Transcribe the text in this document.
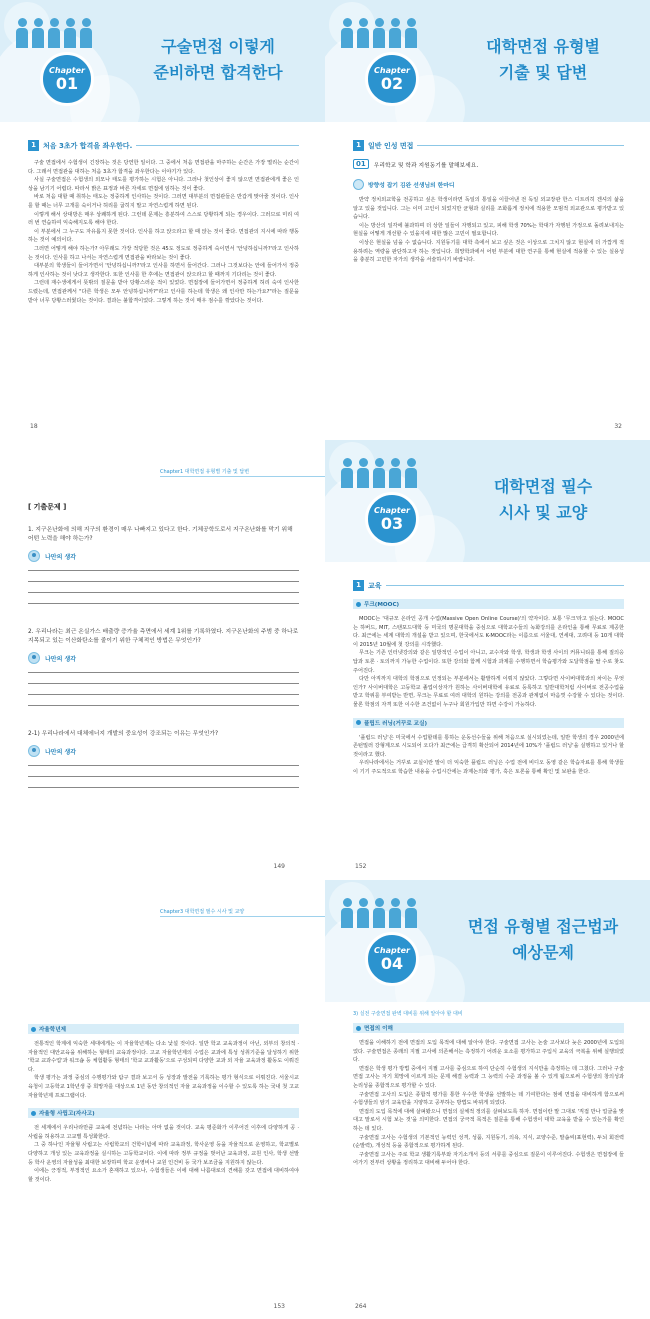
Chapter
01
구술면접 이렇게
준비하면 합격한다
1	처음 3초가 합격을 좌우한다.

구술 면접에서 수험생이 긴장하는 것은 당연한 일이다. 그 중에서 처음 면접관을 마주하는 순간은 가장 떨리는 순간이다. 그래서 면접관을 대하는 처음 3초가 합격을 좌우한다는 이야기가 있다.

사실 구술면접은 수험생의 외모나 태도를 평가하는 시험은 아니다. 그러나 첫인상이 좋지 않으면 면접관에게 좋은 인상을 남기기 어렵다. 따라서 밝은 표정과 바른 자세로 면접에 임하는 것이 좋다.

바로 처음 대할 때 취하는 태도는 정중하게 인사하는 것이다. 그러면 대부분의 면접관들은 반갑게 맞아줄 것이다. 인사를 할 때는 너무 고개를 숙이거나 허리를 굽히지 말고 자연스럽게 하면 된다.

이렇게 해서 상대방은 매우 상쾌하게 된다. 그런데 문제는 흥분하여 스스로 당황하게 되는 경우이다. 그러므로 미리 여러 번 연습하여 익숙해지도록 해야 한다.

이 부분에서 그 누구도 자유롭지 못한 것이다. 인사를 하고 앉으라고 할 때 앉는 것이 좋다. 면접관의 지시에 따라 행동하는 것이 예의이다.

그러면 어떻게 해야 하는가? 아무래도 가장 적당한 것은 45도 정도로 정중하게 숙이면서 '안녕하십니까?'라고 인사하는 것이다. 인사를 하고 나서는 자연스럽게 면접관을 바라보는 것이 좋다.

대부분의 학생들이 들어가면서 '안녕하십니까?'라고 인사를 하면서 들어간다. 그러나 그것보다는 안에 들어가서 정중하게 인사하는 것이 낫다고 생각한다. 또한 인사를 한 후에는 면접관이 앉으라고 할 때까지 기다리는 것이 좋다.

그런데 재수생에게서 뜻밖의 질문을 받아 당황스러운 적이 있었다. 면접장에 들어가면서 정중하게 허리 숙여 인사한 드렸는데, 면접관께서 "다른 학생은 모두 안녕하십니까?"라고 인사를 하는데 학생은 왜 인사만 하는가요?"라는 질문을 받아 너무 당황스러웠다는 것이다. 결과는 불합격이었다. 그렇게 하는 것이 매우 점수를 깎았다는 것이다.

18
Chapter
02
대학면접 유형별
기출 및 답변
1	일반 인성 면접
01	우리학교 및 학과 지원동기를 말해보세요.
방향성 잡기 김완 선생님의 한마디

반약 정치외교학을 전공하고 싶은 학생이라면 독일의 통일을 이끌어낸 전 독일 외교장관 한스 디트리히 겐셔의 삶을 알고 있을 것입니다. 그는 이미 고인이 되었지만 균형과 실리를 조화롭게 정치에 적용한 모범적 외교관으로 평가받고 있습니다.

이는 방산의 일각에 불과하며 더 상한 일들이 자행되고 있고, 피해 학생 70%는 학대가 자행된 가정으로 돌려보내지는 현실을 어떻게 개선할 수 있을지에 대한 많은 고민이 필요합니다.

이상은 현실을 넘을 수 없습니다. 지원동기를 대학 측에서 보고 싶은 것은 이상으로 그치지 않고 현실에 더 가깝게 적용하려는 역량을 판단하고자 하는 것입니다. 희망학과에서 어떤 부분에 대한 연구를 통해 현실에 적용할 수 있는 실용성을 충분히 고민한 자가의 생각을 서술하시기 바랍니다.

32
Chapter1 대학면접 유형별 기출 및 답변
[ 기출문제 ]
1. 지구온난화에 의해 지구의 환경이 매우 나빠지고 있다고 한다. 기체공학도로서 지구온난화를 막기 위해 어떤 노력을 해야 하는가?
나만의 생각
2. 우리나라는 최근 온실가스 배출량 증가율 측면에서 세계 1위를 기록하였다. 지구온난화의 주범 중 하나로 지목되고 있는 이산화탄소를 줄이기 위한 구체적인 방법은 무엇인가?
나만의 생각
2-1) 우리나라에서 대체에너지 개발의 중요성이 강조되는 이유는 무엇인가?
나만의 생각
149
Chapter
03
대학면접 필수
시사 및 교양
1	교육
무크(MOOC)

MOOC는 '대규모 온라인 공개 수업(Massive Open Online Course)'의 약자이다. 보통 '무크'라고 읽는다. MOOC는 하버드, MIT, 스탠포드대학 등 미국의 명문대학을 중심으로 대학교수들의 녹화강의를 온라인을 통해 무료로 제공한다. 최근에는 세계 대학의 개설을 받고 있으며, 한국에서도 K-MOOC라는 이름으로 서울대, 연세대, 고려대 등 10개 대학이 2015년 10월에 첫 강의를 시작했다.

무크는 기존 인터넷강의와 같은 일방적인 수업이 아니고, 교수자와 학생, 학생과 학생 사이의 커뮤니티를 통해 질의응답과 토론 · 토의까지 가능한 수업이다. 또한 강의와 함께 시험과 과제를 수행하면서 학습평가와 도달학점을 딸 수로 찾도 주어진다.

다만 아직까지 대학의 학점으로 인정되는 부분에서는 활발하게 이뤄지 않았다. 그렇다면 사이버대학과의 차이는 무엇인가? 사이버대학은 고등학교 졸업이상자가 원하는 사이버대학에 유료로 등록하고 일반대학처럼 사이버로 전공수업을 받고 학위를 부여받는 반면, 무크는 무료로 여러 대학의 원하는 강의를 전공과 관계없이 마음껏 수강할 수 있다는 것이다. 물론 학점의 자격 또한 이수한 조건없이 누구나 회원가입만 하면 수강이 가능하다.

플립드 러닝(거꾸로 교실)

'플립드 러닝'은 미국에서 수업할데를 통하는 운동선수들을 위해 처음으로 실시되었는데, 일반 학생의 경우 2000년에 존턴밀러 강형계으로 시도되어 오다가 최근에는 급격히 확산되어 2014년에 10%가 '플립드 러닝'을 실행하고 있거나 할 것이라고 했다.

우리나라에서는 거꾸로 교실이란 말이 더 익숙한 플립드 러닝은 수업 전에 비디오 동영 같은 학습자료를 통해 학생들이 기기 주도적으로 학습한 내용을 수업시간에는 과제논의와 평가, 혹은 토론을 통해 확인 및 보완을 한다.

152
Chapter3 대학면접 필수 시사 및 교양
자율학년제

전통적인 학계에 익숙한 세대에게는 이 자율학년제는 다소 낯설 것이다. 일반 학교 교육과정이 아닌, 외부의 창의적 · 자율적인 대안교육을 위해하는 형태의 교육과정이다. 고교 자율학년제의 수업은 교과에 특성 성취기준을 달성하기 위한 '학교 교과수업'과 워크숍 등 체험활동 형태의 '학교 교과활동'으로 구성되며 다양한 교과 외 자율 교육과정 활동도 이뤄진다.

학생 평가는 과정 중심의 수행평가와 탐구 결과 보고서 등 성장과 발전을 기록하는 평가 형식으로 이뤄진다. 서울시교육청이 고등학교 1학년생 중 희망자를 대상으로 1년 동안 창의적인 자율 교육과정을 이수할 수 있도록 하는 국내 첫 고교 자율학년제 프로그램이다.

자율형 사립고(자사고)

전 세계에서 우리나라만큼 교육에 전념하는 나라는 아마 없을 것이다. 교육 평준화가 이루어진 이후에 다양하게 공 · 사립을 허용하고 고교별 특성화한다.

그 중 하나인 자율형 사립고는 사립학교의 건학이념에 따라 교육과정, 학사운영 등을 자율적으로 운영하고, 학교별로 다양하고 개성 있는 교육과정을 실시하는 고등학교이다. 이에 따라 정부 규정을 벗어난 교육과정, 교원 인사, 학생 선발 등 학사 운영의 자율성을 최대한 보장하며 학교 운영비나 교원 인건비 등 국가 보조금을 지원하지 않는다.

이에는 긍정적, 부정적인 요소가 혼재하고 있으나, 수험생들은 이에 대해 나름대로의 견해를 갖고 면접에 대비하여야 할 것이다.

153
Chapter
04
면접 유형별 접근법과
예상문제
3) 실전 구술면접 완벽 대비를 위해 알아야 할 대비
면접의 이해

면접을 이해하기 전에 면접의 도입 목적에 대해 알아야 한다. 구술면접 고사는 논술 고사보다 늦은 2000년에 도입되었다. 구술면접은 종래의 지필 고사에 의존해서는 측정하기 어려운 요소를 평가하고 주입식 교육의 극복을 위해 실행되었다.

면접은 학생 평가 방법 중에서 지필 고사를 중심으로 하여 단순히 수험생의 지식만을 측정하는 데 그쳤다. 그러나 구술면접 고사는 자기 희망에 이르게 되는 문제 해결 능력과 그 능력의 수준 과정을 볼 수 있게 됨으로써 수험생의 창의성과 논리성을 종합적으로 평가할 수 있다.

구술면접 고사의 도입은 종합적 평가를 통한 우수한 학생을 선발하는 데 기여한다는 점에 면접을 대비하게 함으로써 수험생들의 암기 교육만을 지양하고 공부하는 방법도 바뀌게 되었다.

면접의 도입 목적에 대해 살펴봤으니 면접의 실체적 정의를 살펴보도록 하자. 면접이란 말 그대로 '직접 만나 얼굴을 맞대고 말로서 시험 보는 것'을 의미한다. 면접의 궁극적 목적은 질문을 통해 수험생이 대학 교육을 받을 수 있는가를 확인하는 데 있다.

구술면접 고사는 수험생의 기본적인 능력인 성격, 성품, 지원동기, 의욕, 지식, 교양수준, 말솜씨(표현력), 두뇌 회전력(순발력), 개성적 등을 종합적으로 평가하게 된다.

구술면접 고사는 주로 학교 생활기록부와 자기소개서 등의 서류를 중심으로 질문이 이루어진다. 수험생은 면접장에 들어가기 전부터 상황을 정리하고 대비해 두어야 한다.

264
